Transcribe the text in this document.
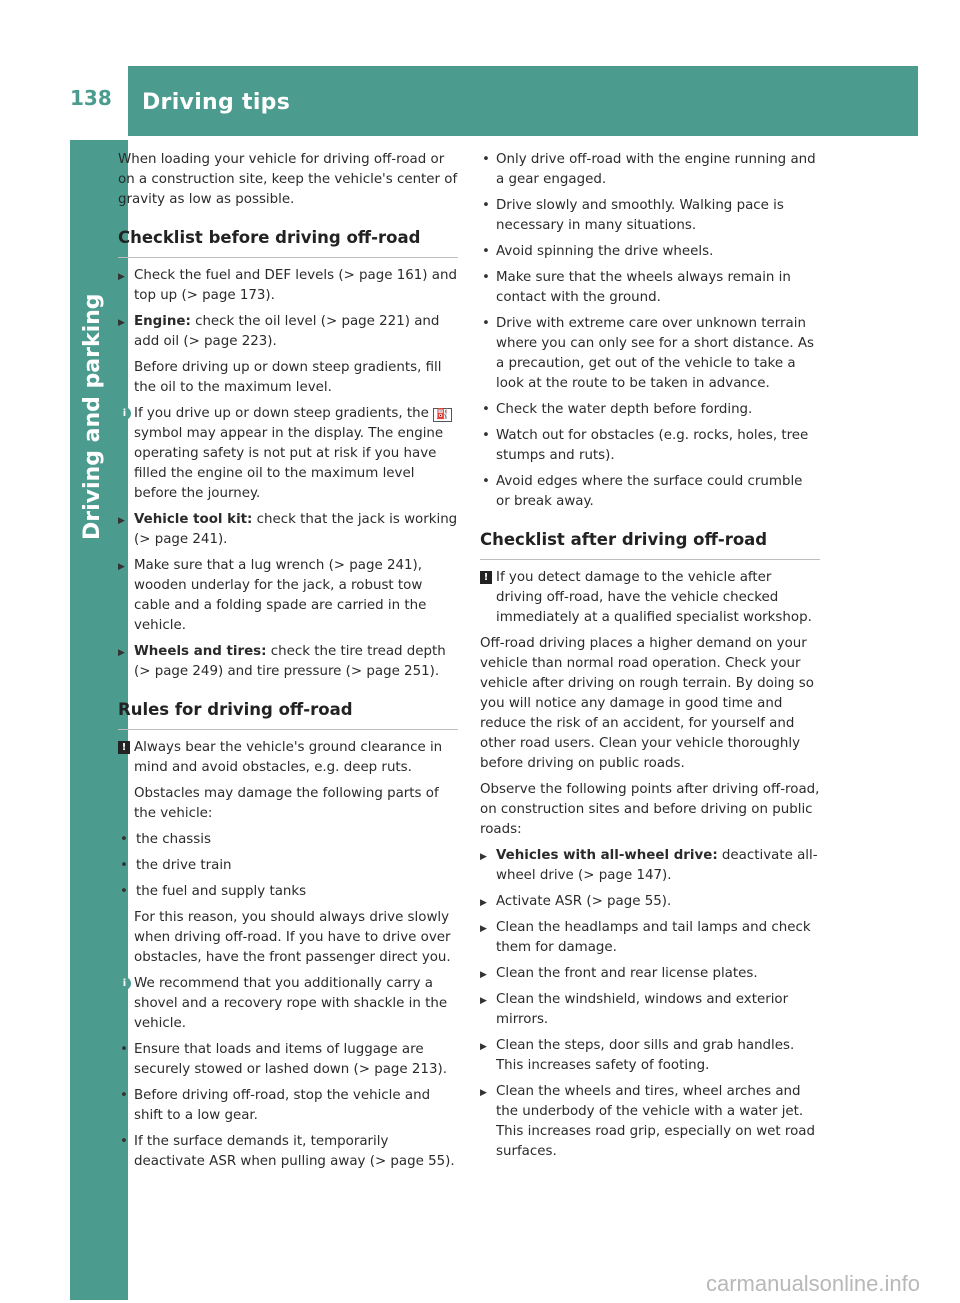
138 Driving tips
Driving and parking

When loading your vehicle for driving off-road or on a construction site, keep the vehicle's center of gravity as low as possible.

Checklist before driving off-road
▶ Check the fuel and DEF levels (> page 161) and top up (> page 173).
▶ Engine: check the oil level (> page 221) and add oil (> page 223).
Before driving up or down steep gradients, fill the oil to the maximum level.
i If you drive up or down steep gradients, the ⛽ symbol may appear in the display. The engine operating safety is not put at risk if you have filled the engine oil to the maximum level before the journey.
▶ Vehicle tool kit: check that the jack is working (> page 241).
▶ Make sure that a lug wrench (> page 241), wooden underlay for the jack, a robust tow cable and a folding spade are carried in the vehicle.
▶ Wheels and tires: check the tire tread depth (> page 249) and tire pressure (> page 251).
Rules for driving off-road
! Always bear the vehicle's ground clearance in mind and avoid obstacles, e.g. deep ruts.
Obstacles may damage the following parts of the vehicle:
• the chassis
• the drive train
• the fuel and supply tanks
For this reason, you should always drive slowly when driving off-road. If you have to drive over obstacles, have the front passenger direct you.
i We recommend that you additionally carry a shovel and a recovery rope with shackle in the vehicle.
• Ensure that loads and items of luggage are securely stowed or lashed down (> page 213).
• Before driving off-road, stop the vehicle and shift to a low gear.
• If the surface demands it, temporarily deactivate ASR when pulling away (> page 55).
• Only drive off-road with the engine running and a gear engaged.
• Drive slowly and smoothly. Walking pace is necessary in many situations.
• Avoid spinning the drive wheels.
• Make sure that the wheels always remain in contact with the ground.
• Drive with extreme care over unknown terrain where you can only see for a short distance. As a precaution, get out of the vehicle to take a look at the route to be taken in advance.
• Check the water depth before fording.
• Watch out for obstacles (e.g. rocks, holes, tree stumps and ruts).
• Avoid edges where the surface could crumble or break away.
Checklist after driving off-road
! If you detect damage to the vehicle after driving off-road, have the vehicle checked immediately at a qualified specialist workshop.

Off-road driving places a higher demand on your vehicle than normal road operation. Check your vehicle after driving on rough terrain. By doing so you will notice any damage in good time and reduce the risk of an accident, for yourself and other road users. Clean your vehicle thoroughly before driving on public roads.

Observe the following points after driving off-road, on construction sites and before driving on public roads:

▶ Vehicles with all-wheel drive: deactivate all-wheel drive (> page 147).
▶ Activate ASR (> page 55).
▶ Clean the headlamps and tail lamps and check them for damage.
▶ Clean the front and rear license plates.
▶ Clean the windshield, windows and exterior mirrors.
▶ Clean the steps, door sills and grab handles. This increases safety of footing.
▶ Clean the wheels and tires, wheel arches and the underbody of the vehicle with a water jet. This increases road grip, especially on wet road surfaces.
carmanualsonline.info
